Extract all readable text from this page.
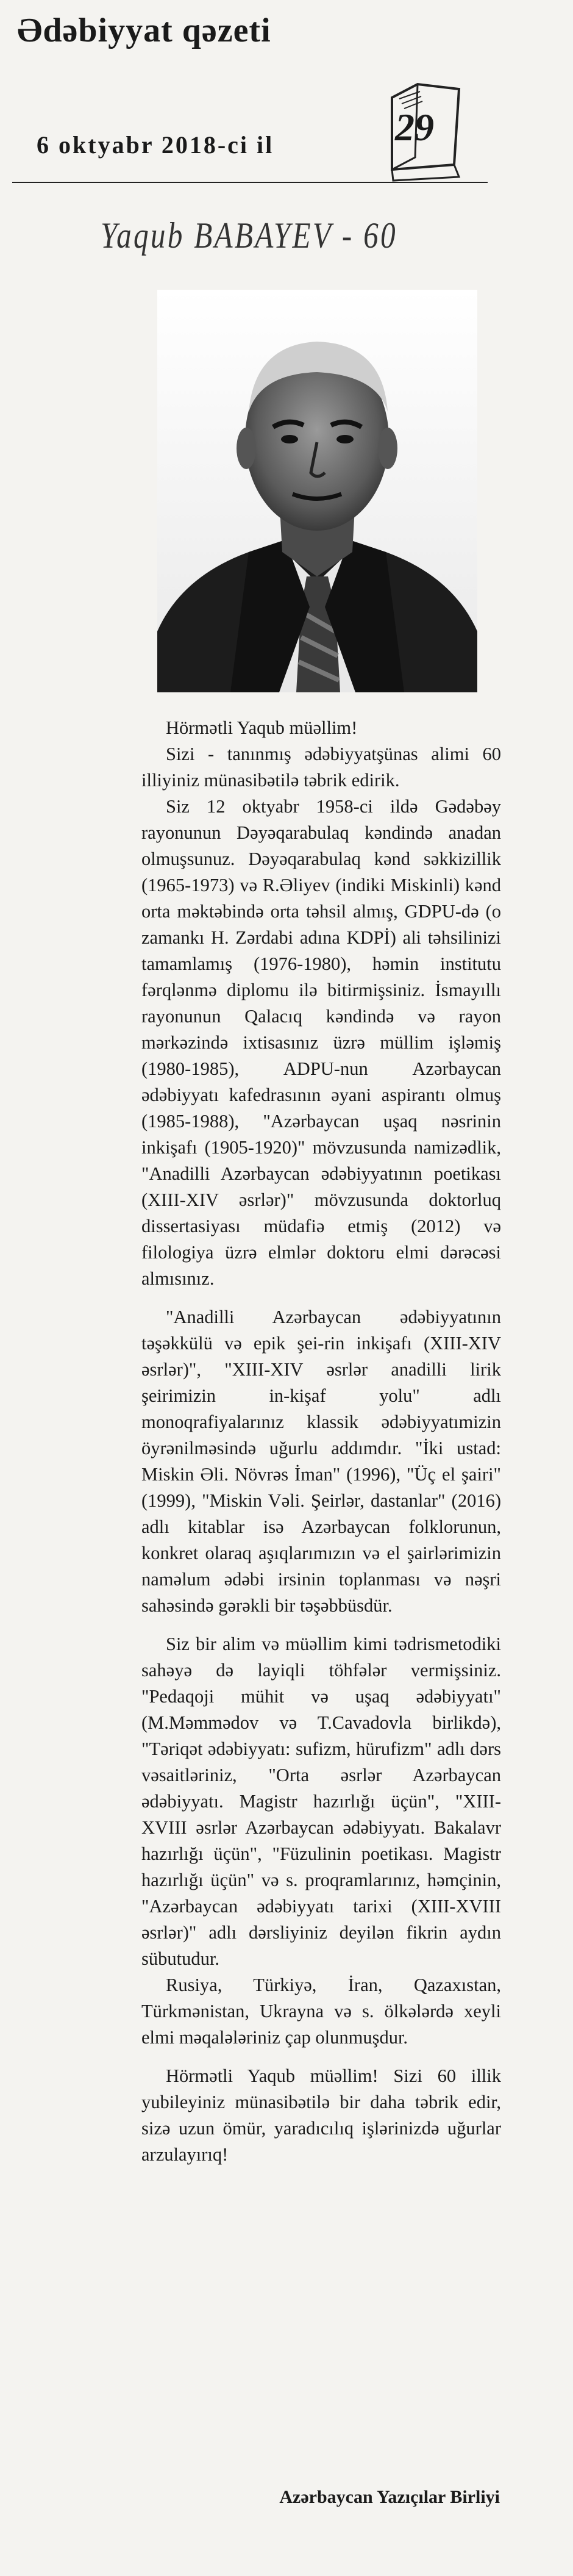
Ədəbiyyat qəzeti
29
6 oktyabr 2018-ci il
Yaqub BABAYEV - 60

Hörmətli Yaqub müəllim!

Sizi - tanınmış ədəbiyyatşünas alimi 60 illiyiniz münasibətilə təbrik edirik.

Siz 12 oktyabr 1958-ci ildə Gədəbəy rayonunun Dəyəqarabulaq kəndində anadan olmuşsunuz. Dəyəqarabulaq kənd səkkizillik (1965-1973) və R.Əliyev (indiki Miskinli) kənd orta məktəbində orta təhsil almış, GDPU-də (o zamankı H. Zərdabi adına KDPİ) ali təhsilinizi tamamlamış (1976-1980), həmin institutu fərqlənmə diplomu ilə bitirmişsiniz. İsmayıllı rayonunun Qalacıq kəndində və rayon mərkəzində ixtisasınız üzrə müllim işləmiş (1980-1985), ADPU-nun Azərbaycan ədəbiyyatı kafedrasının əyani aspirantı olmuş (1985-1988), "Azərbaycan uşaq nəsrinin inkişafı (1905-1920)" mövzusunda namizədlik, "Anadilli Azərbaycan ədəbiyyatının poetikası (XIII-XIV əsrlər)" mövzusunda doktorluq dissertasiyası müdafiə etmiş (2012) və filologiya üzrə elmlər doktoru elmi dərəcəsi almısınız.

"Anadilli Azərbaycan ədəbiyyatının təşəkkülü və epik şei-rin inkişafı (XIII-XIV əsrlər)", "XIII-XIV əsrlər anadilli lirik şeirimizin in-kişaf yolu" adlı monoqrafiyalarınız klassik ədəbiyyatımizin öyrənilməsində uğurlu addımdır. "İki ustad: Miskin Əli. Növrəs İman" (1996), "Üç el şairi" (1999), "Miskin Vəli. Şeirlər, dastanlar" (2016) adlı kitablar isə Azərbaycan folklorunun, konkret olaraq aşıqlarımızın və el şairlərimizin naməlum ədəbi irsinin toplanması və nəşri sahəsində gərəkli bir təşəbbüsdür.

Siz bir alim və müəllim kimi tədrismetodiki sahəyə də layiqli töhfələr vermişsiniz. "Pedaqoji mühit və uşaq ədəbiyyatı" (M.Məmmədov və T.Cavadovla birlikdə), "Təriqət ədəbiyyatı: sufizm, hürufizm" adlı dərs vəsaitləriniz, "Orta əsrlər Azərbaycan ədəbiyyatı. Magistr hazırlığı üçün", "XIII-XVIII əsrlər Azərbaycan ədəbiyyatı. Bakalavr hazırlığı üçün", "Füzulinin poetikası. Magistr hazırlığı üçün" və s. proqramlarınız, həmçinin, "Azərbaycan ədəbiyyatı tarixi (XIII-XVIII əsrlər)" adlı dərsliyiniz deyilən fikrin aydın sübutudur.

Rusiya, Türkiyə, İran, Qazaxıstan, Türkmənistan, Ukrayna və s. ölkələrdə xeyli elmi məqalələriniz çap olunmuşdur.

Hörmətli Yaqub müəllim! Sizi 60 illik yubileyiniz münasibətilə bir daha təbrik edir, sizə uzun ömür, yaradıcılıq işlərinizdə uğurlar arzulayırıq!

Azərbaycan Yazıçılar Birliyi
